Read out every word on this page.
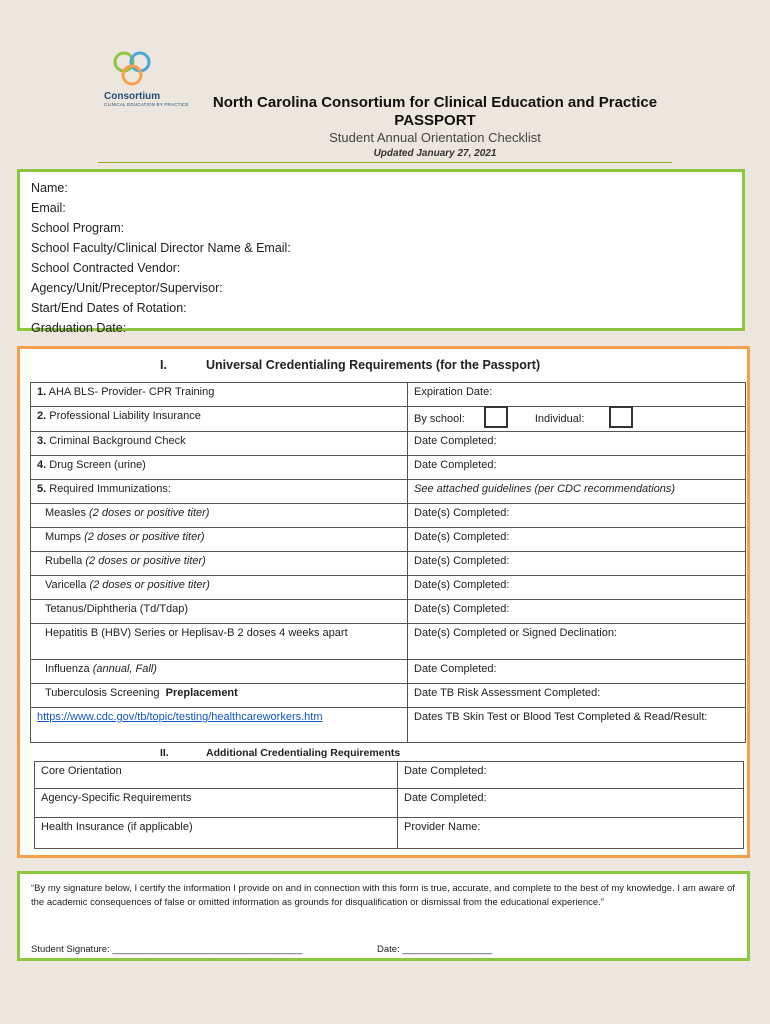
Consortium
CLINICAL EDUCATION BY PRACTICE	North Carolina Consortium for Clinical Education and Practice PASSPORT
Student Annual Orientation Checklist
Updated January 27, 2021
Name:
Email:
School Program:
School Faculty/Clinical Director Name & Email:
School Contracted Vendor:
Agency/Unit/Preceptor/Supervisor:
Start/End Dates of Rotation:
Graduation Date:
I.	Universal Credentialing Requirements (for the Passport)
1. AHA BLS- Provider- CPR Training	Expiration Date:
2. Professional Liability Insurance	By school: Individual:
3. Criminal Background Check	Date Completed:
4. Drug Screen (urine)	Date Completed:
5. Required Immunizations:	See attached guidelines (per CDC recommendations)
Measles (2 doses or positive titer)	Date(s) Completed:
Mumps (2 doses or positive titer)	Date(s) Completed:
Rubella (2 doses or positive titer)	Date(s) Completed:
Varicella (2 doses or positive titer)	Date(s) Completed:
Tetanus/Diphtheria (Td/Tdap)	Date(s) Completed:
Hepatitis B (HBV) Series or Heplisav-B 2 doses 4 weeks apart	Date(s) Completed or Signed Declination:
Influenza (annual, Fall)	Date Completed:
Tuberculosis Screening Preplacement	Date TB Risk Assessment Completed:
https://www.cdc.gov/tb/topic/testing/healthcareworkers.htm	Dates TB Skin Test or Blood Test Completed & Read/Result:
II.	Additional Credentialing Requirements
Core Orientation	Date Completed:
Agency-Specific Requirements	Date Completed:
Health Insurance (if applicable)	Provider Name:
“By my signature below, I certify the information I provide on and in connection with this form is true, accurate, and complete to the best of my knowledge. I am aware of the academic consequences of false or omitted information as grounds for disqualification or dismissal from the educational experience.”
Student Signature: ____________________________________	Date: _________________
